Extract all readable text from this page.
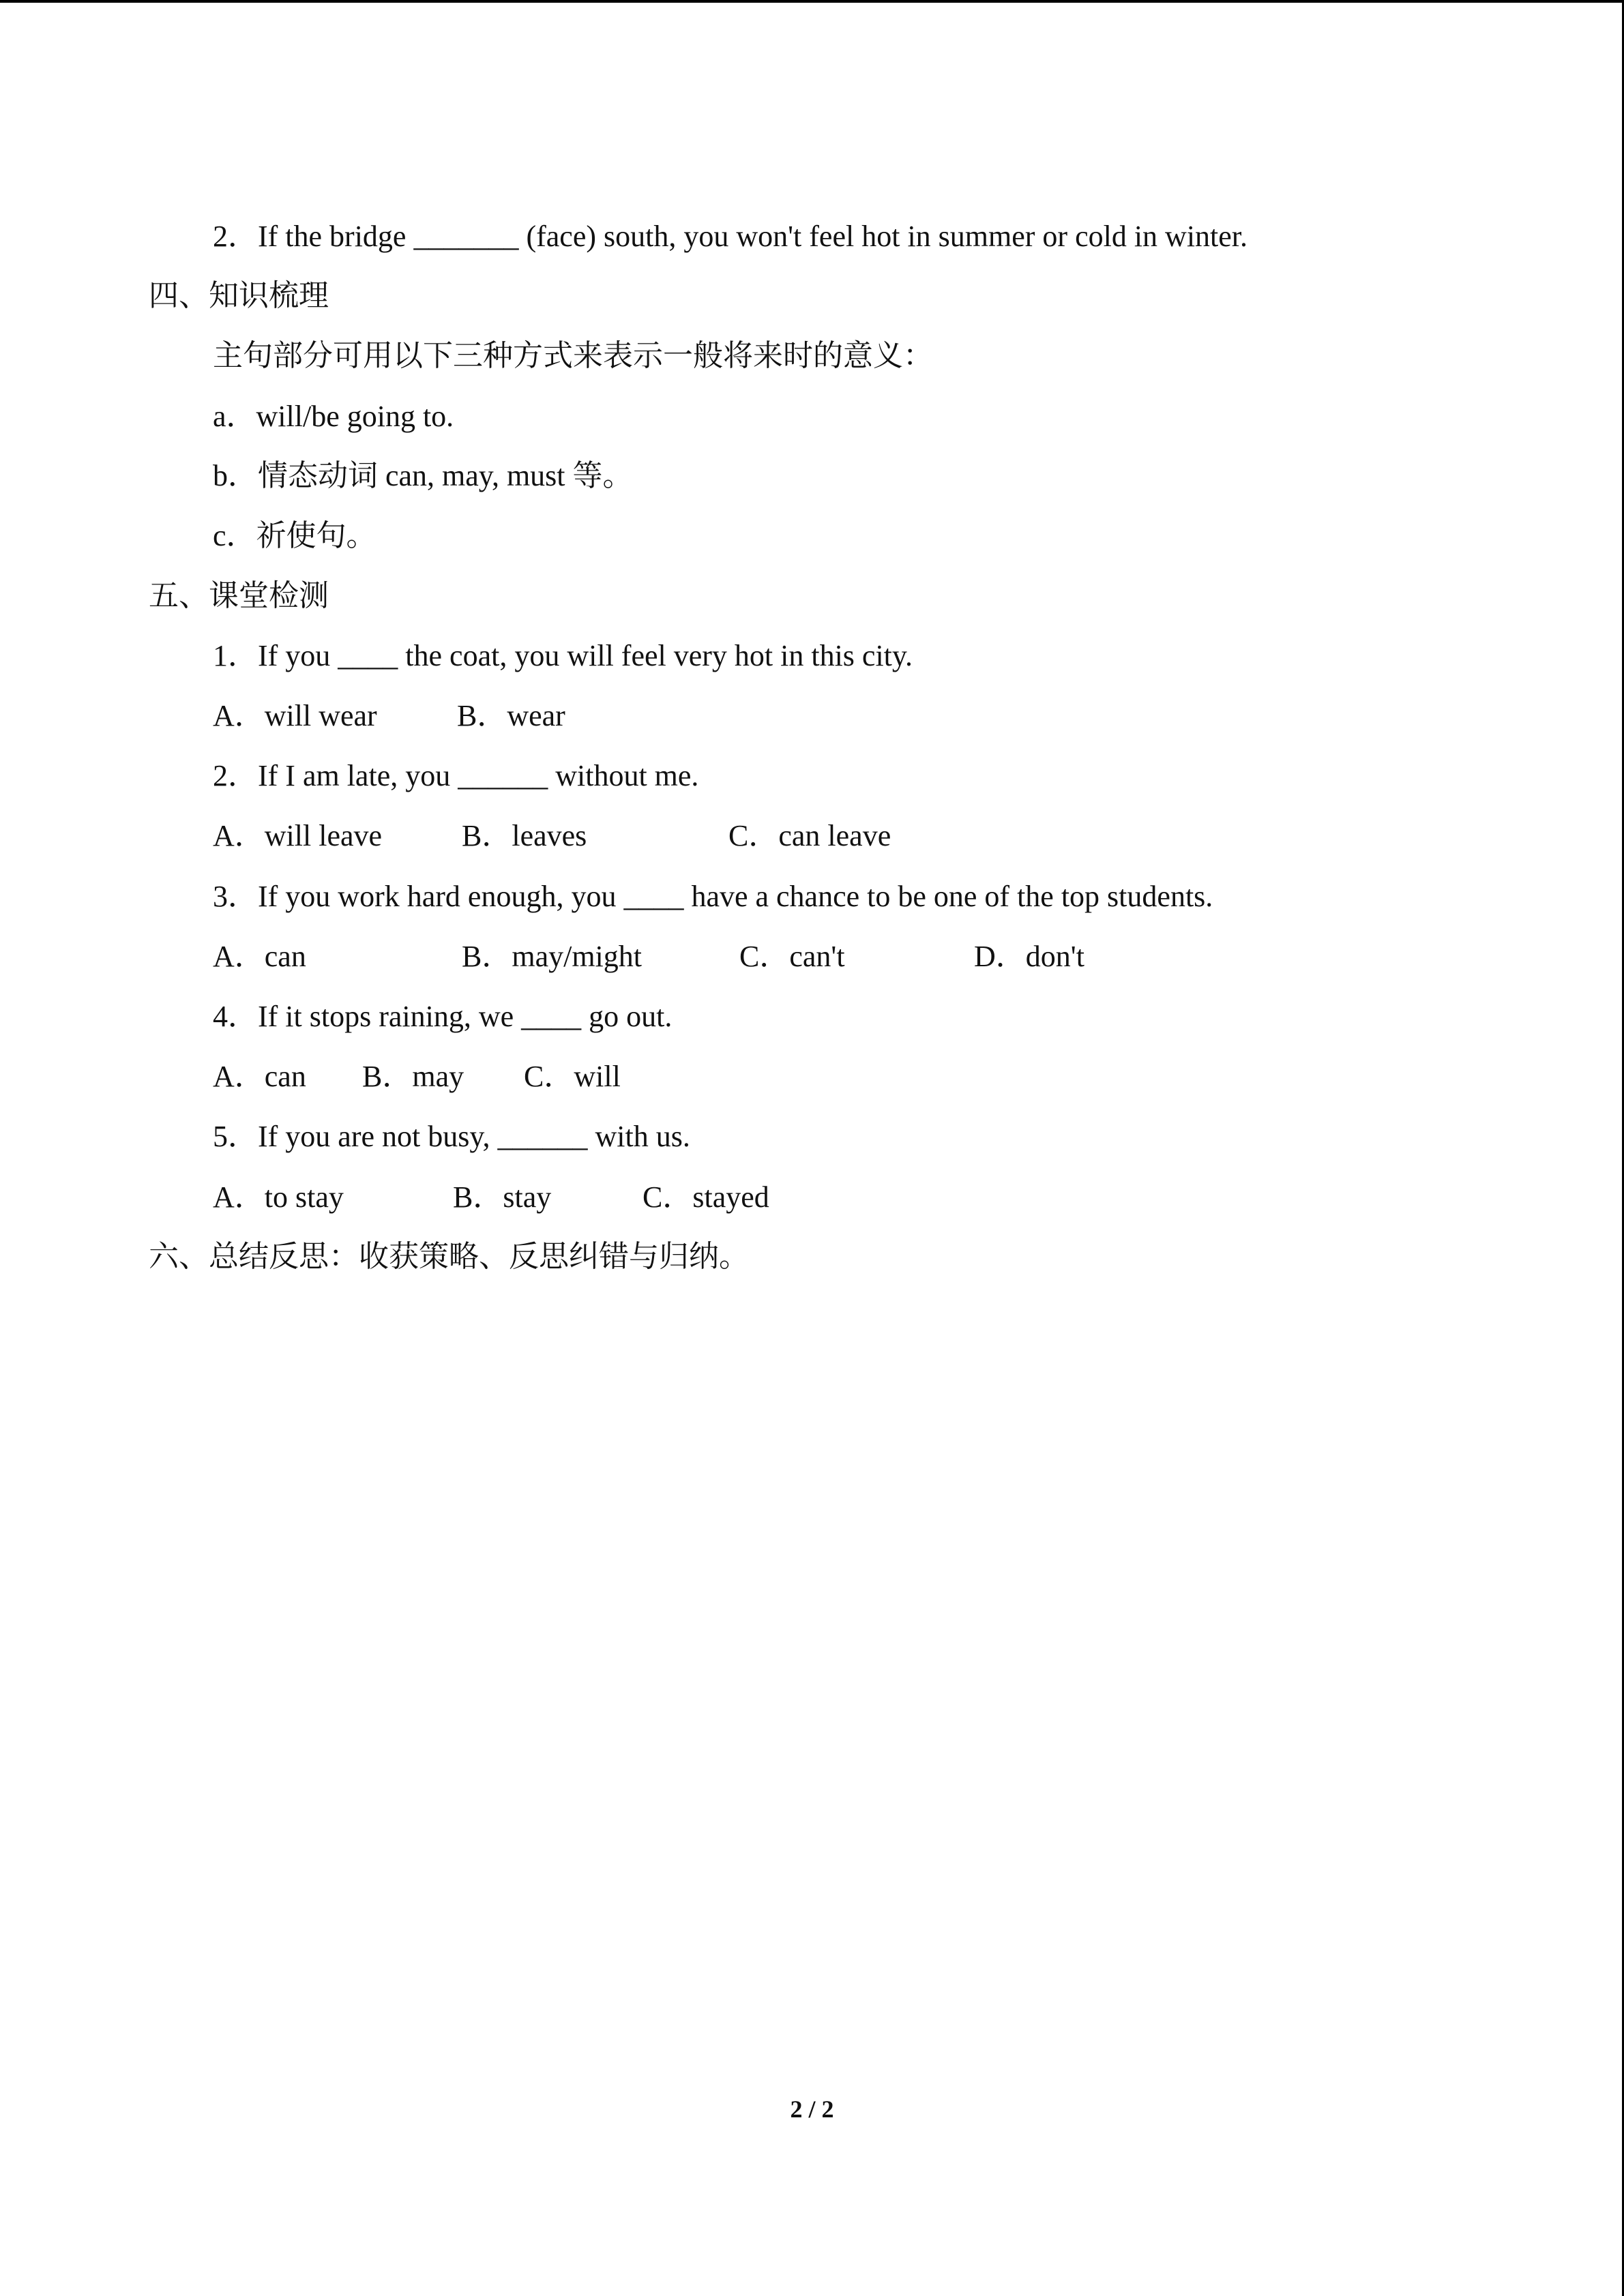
2．If the bridge _______ (face) south, you won't feel hot in summer or cold in winter.
四、知识梳理
主句部分可用以下三种方式来表示一般将来时的意义：
a．will/be going to.
b．情态动词 can, may, must 等。
c．祈使句。
五、课堂检测
1．If you ____ the coat, you will feel very hot in this city.

A．will wear

	B．wear

2．If I am late, you ______ without me.

A．will leave

	B．leaves

	C．can leave

3．If you work hard enough, you ____ have a chance to be one of the top students.

A．can

	B．may/might

	C．can't

	D．don't

4．If it stops raining, we ____ go out.

A．can

B．may

C．will

5．If you are not busy, ______ with us.

A．to stay

	B．stay

	C．stayed

六、总结反思：收获策略、反思纠错与归纳。
2 / 2
